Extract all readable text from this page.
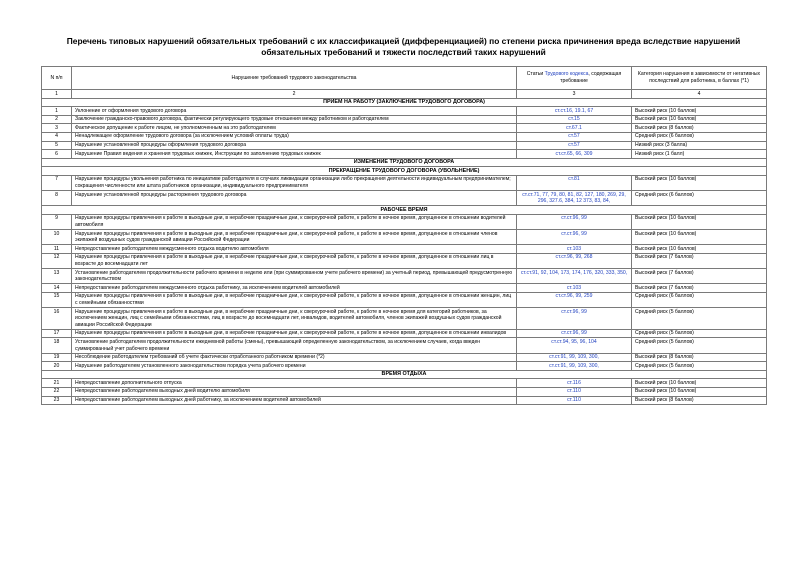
Перечень типовых нарушений обязательных требований с их классификацией (дифференциацией) по степени риска причинения вреда вследствие нарушений
обязательных требований и тяжести последствий таких нарушений
N п/п	Нарушение требований трудового законодательства	Статьи Трудового кодекса, содержащая требование	Категория нарушения в зависимости от негативных последствий для работника, в баллах (*1)
1	2	3	4
ПРИЕМ НА РАБОТУ (ЗАКЛЮЧЕНИЕ ТРУДОВОГО ДОГОВОРА)			
1	Уклонение от оформления трудового договора	ст.ст.16, 19.1, 67	Высокий риск (10 баллов)
2	Заключение гражданско-правового договора, фактически регулирующего трудовые отношения между работником и работодателем	ст.15	Высокий риск (10 баллов)
3	Фактическое допущение к работе лицом, не уполномоченным на это работодателем	ст.67.1	Высокий риск (8 баллов)
4	Ненадлежащее оформление трудового договора (за исключением условий оплаты труда)	ст.57	Средний риск (6 баллов)
5	Нарушение установленной процедуры оформления трудового договора	ст.57	Низкий риск (3 балла)
6	Нарушение Правил ведения и хранения трудовых книжек, Инструкции по заполнению трудовых книжек	ст.ст.65, 66, 309	Низкий риск (1 балл)
ИЗМЕНЕНИЕ ТРУДОВОГО ДОГОВОРА			
ПРЕКРАЩЕНИЕ ТРУДОВОГО ДОГОВОРА (УВОЛЬНЕНИЕ)			
7	Нарушение процедуры увольнения работника по инициативе работодателя в случаях ликвидации организации либо прекращения деятельности индивидуальным предпринимателем; сокращения численности или штата работников организации, индивидуального предпринимателя	ст.81	Высокий риск (10 баллов)
8	Нарушение установленной процедуры расторжения трудового договора	ст.ст.71, 77, 79, 80, 81, 82, 127, 180, 269, 29, 296, 327.6, 384, 12 373, 83, 84,	Средний риск (6 баллов)
РАБОЧЕЕ ВРЕМЯ			
9	Нарушение процедуры привлечения к работе в выходные дни, в нерабочие праздничные дни, к сверхурочной работе, к работе в ночное время, допущенное в отношении водителей автомобиля	ст.ст.96, 99	Высокий риск (10 баллов)
10	Нарушение процедуры привлечения к работе в выходные дни, в нерабочие праздничные дни, к сверхурочной работе, к работе в ночное время, допущенное в отношении членов экипажей воздушных судов гражданской авиации Российской Федерации	ст.ст.96, 99	Высокий риск (10 баллов)
11	Непредоставление работодателем междусменного отдыха водителю автомобиля	ст.103	Высокий риск (10 баллов)
12	Нарушение процедуры привлечения к работе в выходные дни, в нерабочие праздничные дни, к сверхурочной работе, к работе в ночное время, допущенное в отношении лиц в возрасте до восемнадцати лет	ст.ст.96, 99, 268	Высокий риск (7 баллов)
13	Установление работодателем продолжительности рабочего времени в неделю или (при суммированном учете рабочего времени) за учетный период, превышающей предусмотренную законодательством	ст.ст.91, 92, 104, 173, 174, 176, 320, 333, 350,	Высокий риск (7 баллов)
14	Непредоставление работодателем междусменного отдыха работнику, за исключением водителей автомобилей	ст.103	Высокий риск (7 баллов)
15	Нарушение процедуры привлечения к работе в выходные дни, в нерабочие праздничные дни, к сверхурочной работе, к работе в ночное время, допущенное в отношении женщин, лиц с семейными обязанностями	ст.ст.96, 99, 259	Средний риск (6 баллов)
16	Нарушение процедуры привлечения к работе в выходные дни, в нерабочие праздничные дни, к сверхурочной работе, к работе в ночное время для категорий работников, за исключением женщин, лиц с семейными обязанностями, лиц в возрасте до восемнадцати лет, инвалидов, водителей автомобиля, членов экипажей воздушных судов гражданской авиации Российской Федерации	ст.ст.96, 99	Средний риск (5 баллов)
17	Нарушение процедуры привлечения к работе в выходные дни, в нерабочие праздничные дни, к сверхурочной работе, к работе в ночное время, допущенное в отношении инвалидов	ст.ст.96, 99	Средний риск (5 баллов)
18	Установление работодателем продолжительности ежедневной работы (смены), превышающей определенную законодательством, за исключением случаев, когда введен суммированный учет рабочего времени	ст.ст.94, 95, 96, 104	Средний риск (5 баллов)
19	Несоблюдение работодателем требований об учете фактически отработанного работником времени (*2)	ст.ст.91, 99, 109, 300,	Высокий риск (8 баллов)
20	Нарушение работодателем установленного законодательством порядка учета рабочего времени	ст.ст.91, 99, 109, 300,	Средний риск (5 баллов)
ВРЕМЯ ОТДЫХА			
21	Непредоставление дополнительного отпуска	ст.116	Высокий риск (10 баллов)
22	Непредоставление работодателем выходных дней водителю автомобиля	ст.110	Высокий риск (10 баллов)
23	Непредоставление работодателем выходных дней работнику, за исключением водителей автомобилей	ст.110	Высокий риск (8 баллов)
